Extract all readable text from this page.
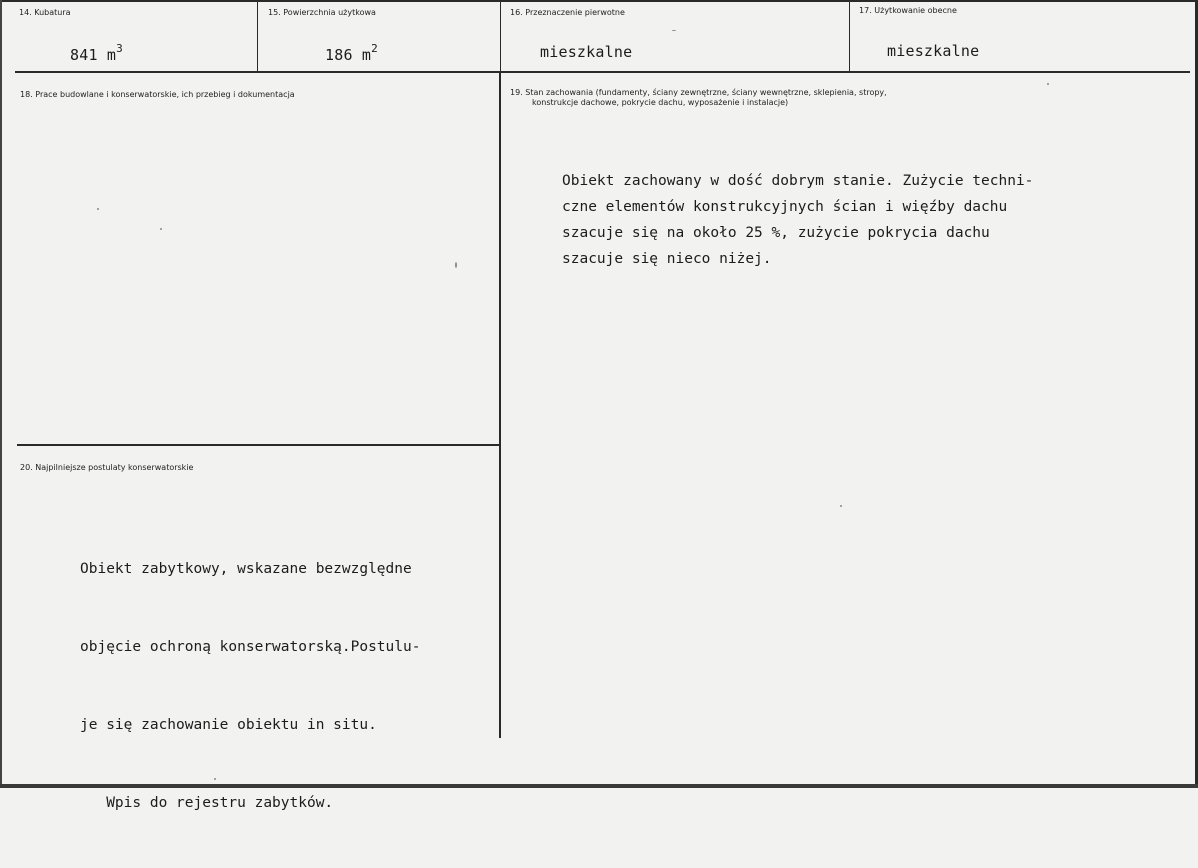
14. Kubatura
841 $m^3$
15. Powierzchnia użytkowa
186 $m^2$
16. Przeznaczenie pierwotne
mieszkalne
17. Użytkowanie obecne
mieszkalne
18. Prace budowlane i konserwatorskie, ich przebieg i dokumentacja	19. Stan zachowania (fundamenty, ściany zewnętrzne, ściany wewnętrzne, sklepienia, stropy,
konstrukcje dachowe, pokrycie dachu, wyposażenie i instalacje)
Obiekt zachowany w dość dobrym stanie. Zużycie techni-
czne elementów konstrukcyjnych ścian i więźby dachu
szacuje się na około 25 %, zużycie pokrycia dachu
szacuje się nieco niżej.
20. Najpilniejsze postulaty konserwatorskie

Obiekt zabytkowy, wskazane bezwzględne

objęcie ochroną konserwatorską.Postulu-

je się zachowanie obiektu in situ.

Wpis do rejestru zabytków.
